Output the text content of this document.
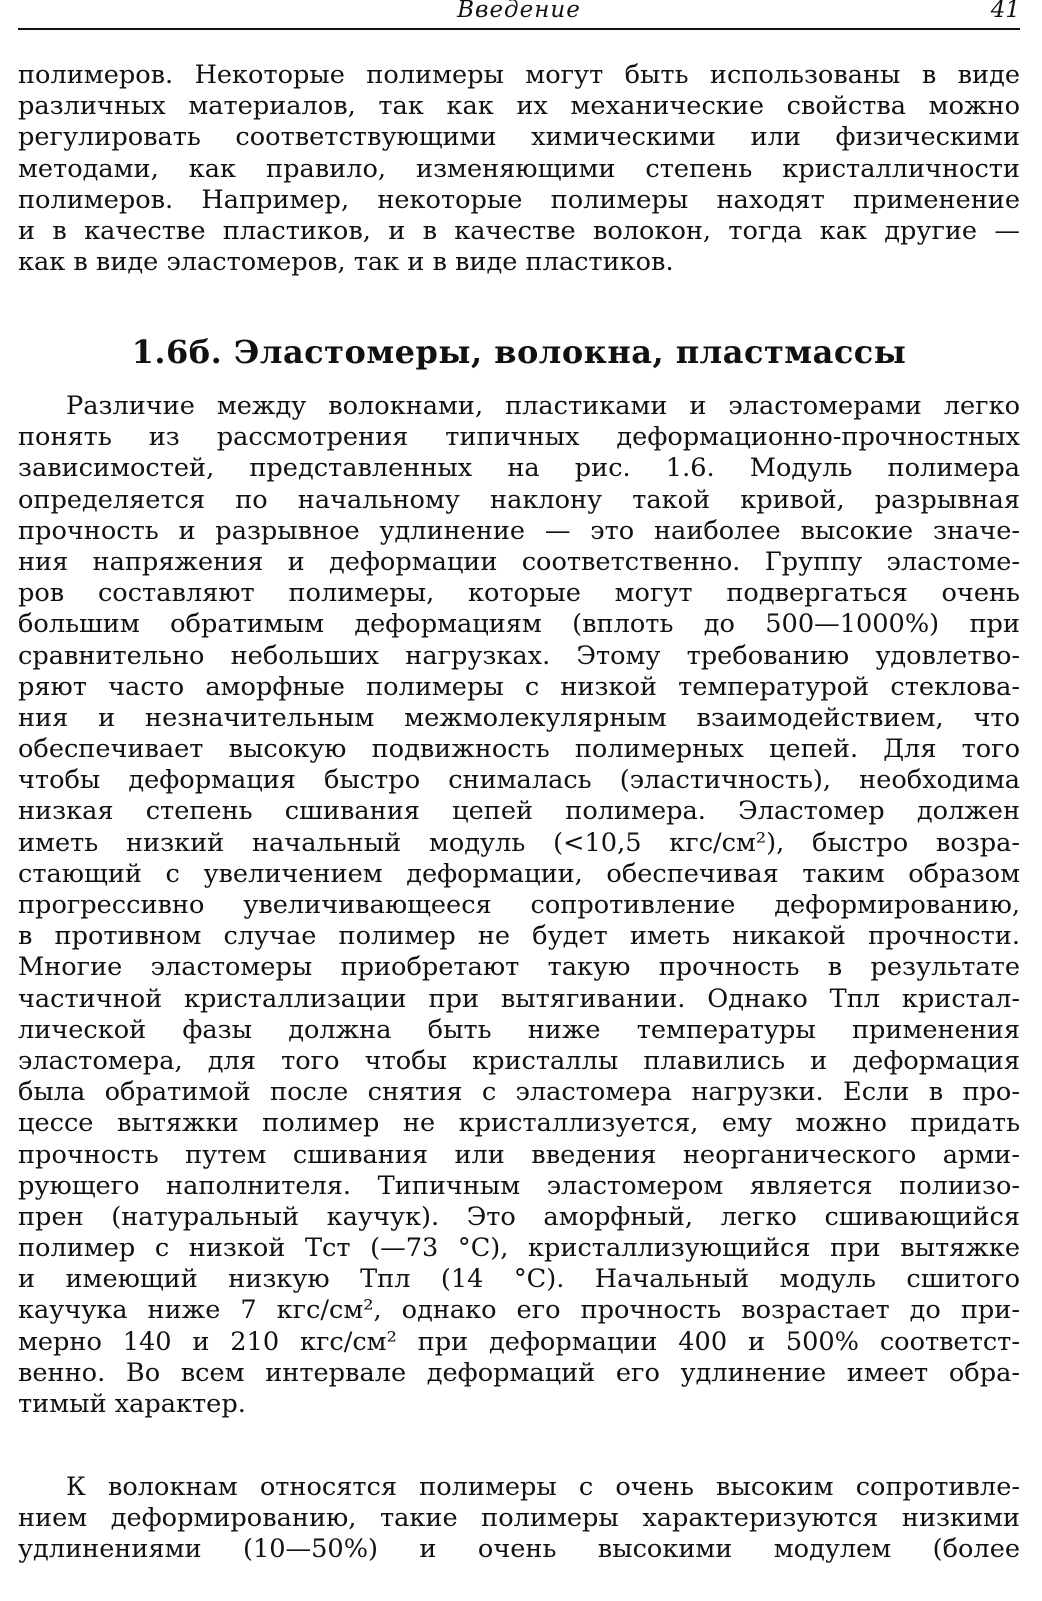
Введение	41
полимеров. Некоторые полимеры могут быть использованы в виде
различных материалов, так как их механические свойства можно
регулировать соответствующими химическими или физическими
методами, как правило, изменяющими степень кристалличности
полимеров. Например, некоторые полимеры находят применение
и в качестве пластиков, и в качестве волокон, тогда как другие —
как в виде эластомеров, так и в виде пластиков.
1.6б. Эластомеры, волокна, пластмассы
Различие между волокнами, пластиками и эластомерами легко
понять из рассмотрения типичных деформационно-прочностных
зависимостей, представленных на рис. 1.6. Модуль полимера
определяется по начальному наклону такой кривой, разрывная
прочность и разрывное удлинение — это наиболее высокие значе-
ния напряжения и деформации соответственно. Группу эластоме-
ров составляют полимеры, которые могут подвергаться очень
большим обратимым деформациям (вплоть до 500—1000%) при
сравнительно небольших нагрузках. Этому требованию удовлетво-
ряют часто аморфные полимеры с низкой температурой стеклова-
ния и незначительным межмолекулярным взаимодействием, что
обеспечивает высокую подвижность полимерных цепей. Для того
чтобы деформация быстро снималась (эластичность), необходима
низкая степень сшивания цепей полимера. Эластомер должен
иметь низкий начальный модуль (<10,5 кгс/см²), быстро возра-
стающий с увеличением деформации, обеспечивая таким образом
прогрессивно увеличивающееся сопротивление деформированию,
в противном случае полимер не будет иметь никакой прочности.
Многие эластомеры приобретают такую прочность в результате
частичной кристаллизации при вытягивании. Однако Tпл кристал-
лической фазы должна быть ниже температуры применения
эластомера, для того чтобы кристаллы плавились и деформация
была обратимой после снятия с эластомера нагрузки. Если в про-
цессе вытяжки полимер не кристаллизуется, ему можно придать
прочность путем сшивания или введения неорганического арми-
рующего наполнителя. Типичным эластомером является полиизо-
прен (натуральный каучук). Это аморфный, легко сшивающийся
полимер с низкой Tст (—73 °C), кристаллизующийся при вытяжке
и имеющий низкую Tпл (14 °C). Начальный модуль сшитого
каучука ниже 7 кгс/см², однако его прочность возрастает до при-
мерно 140 и 210 кгс/см² при деформации 400 и 500% соответст-
венно. Во всем интервале деформаций его удлинение имеет обра-
тимый характер.
К волокнам относятся полимеры с очень высоким сопротивле-
нием деформированию, такие полимеры характеризуются низкими
удлинениями (10—50%) и очень высокими модулем (более
